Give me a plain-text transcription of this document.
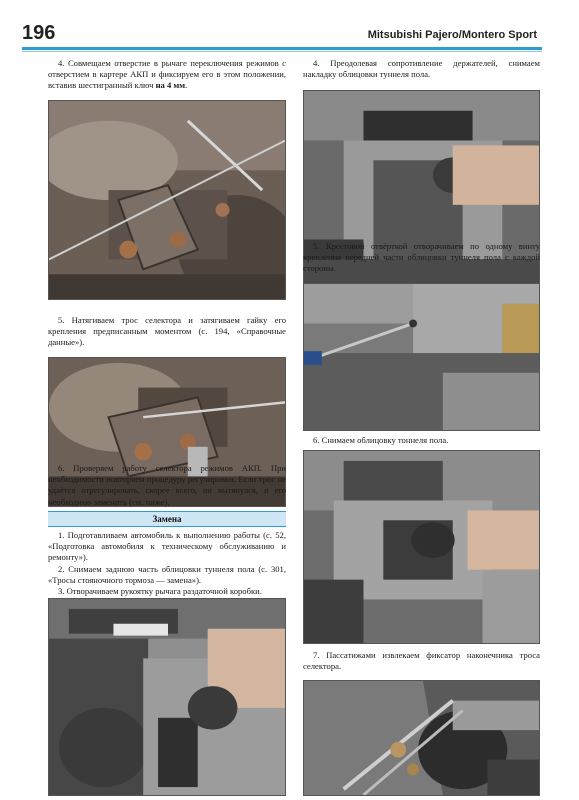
196	Mitsubishi Pajero/Montero Sport

4. Совмещаем отверстие в рычаге переключения режимов с отверстием в картере АКП и фиксируем его в этом положении, вставив шестигранный ключ на 4 мм.

5. Натягиваем трос селектора и затягиваем гайку его крепления предписанным моментом (с. 194, «Справочные данные»).

6. Проверяем работу селектора режимов АКП. При необходимости повторяем процедуру регулировки. Если трос не удаётся отрегулировать, скорее всего, он вытянулся, и его необходимо заменить (см. ниже).

Замена

1. Подготавливаем автомобиль к выполнению работы (с. 52, «Подготовка автомобиля к техническому обслуживанию и ремонту»).

2. Снимаем заднюю часть облицовки туннеля пола (с. 301, «Тросы стояночного тормоза — замена»).

3. Отворачиваем рукоятку рычага раздаточной коробки.

4. Преодолевая сопротивление держателей, снимаем накладку облицовки туннеля пола.

5. Крестовой отвёрткой отворачиваем по одному винту крепления передней части облицовки туннеля пола с каждой стороны.

6. Снимаем облицовку тоннеля пола.

7. Пассатижами извлекаем фиксатор наконечника троса селектора.
